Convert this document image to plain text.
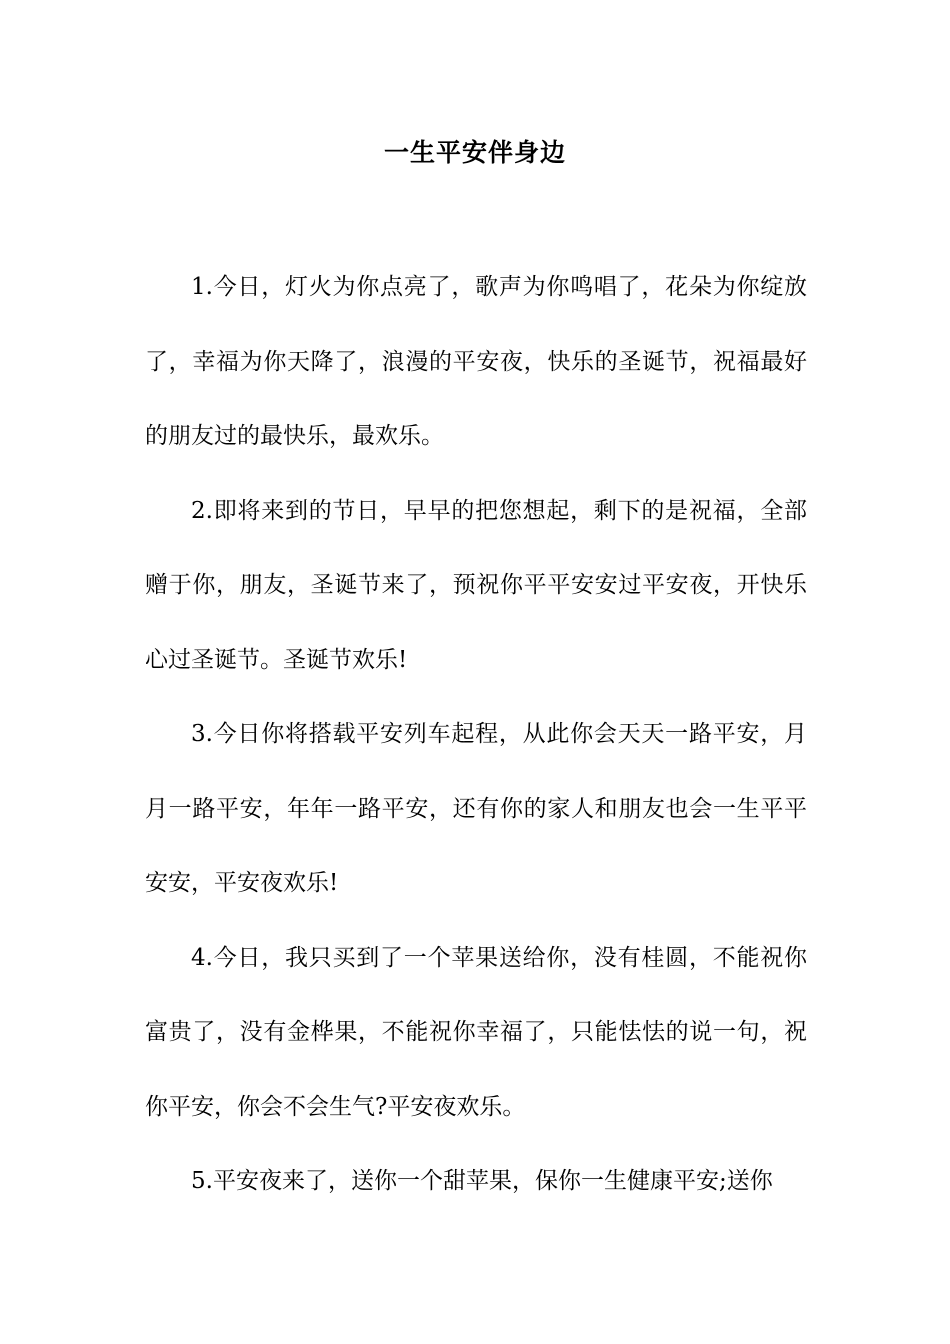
一生平安伴身边

1.今日，灯火为你点亮了，歌声为你鸣唱了，花朵为你绽放了，幸福为你天降了，浪漫的平安夜，快乐的圣诞节，祝福最好的朋友过的最快乐，最欢乐。

2.即将来到的节日，早早的把您想起，剩下的是祝福，全部赠于你，朋友，圣诞节来了，预祝你平平安安过平安夜，开快乐心过圣诞节。圣诞节欢乐!

3.今日你将搭载平安列车起程，从此你会天天一路平安，月月一路平安，年年一路平安，还有你的家人和朋友也会一生平平安安，平安夜欢乐!

4.今日，我只买到了一个苹果送给你，没有桂圆，不能祝你富贵了，没有金桦果，不能祝你幸福了，只能怯怯的说一句，祝你平安，你会不会生气?平安夜欢乐。

5.平安夜来了，送你一个甜苹果，保你一生健康平安;送你
